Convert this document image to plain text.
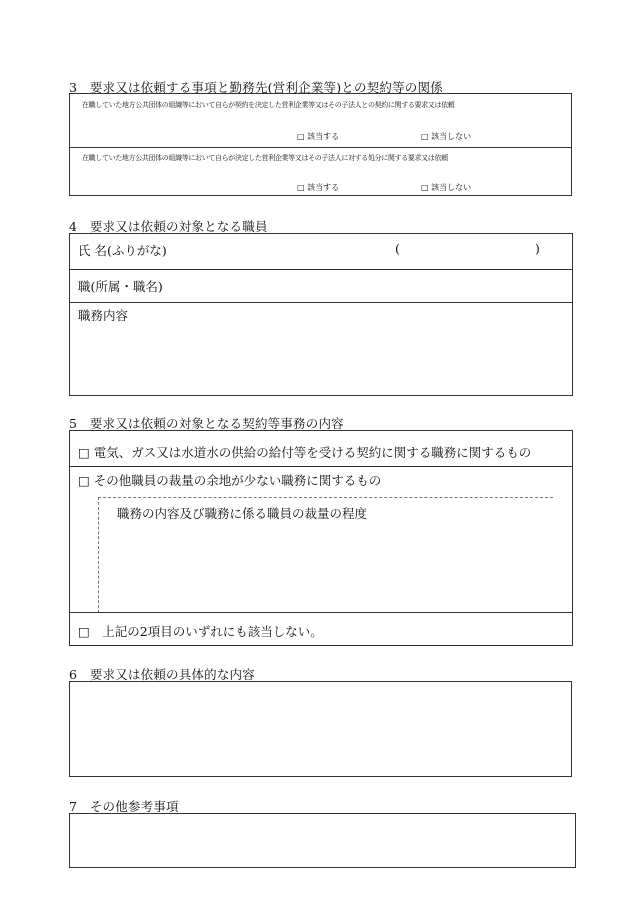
3　要求又は依頼する事項と勤務先(営利企業等)との契約等の関係
在職していた地方公共団体の組織等において自らが契約を決定した営利企業等又はその子法人との契約に関する要求又は依頼
□ 該当する	□ 該当しない
在職していた地方公共団体の組織等において自らが決定した営利企業等又はその子法人に対する処分に関する要求又は依頼
□ 該当する	□ 該当しない
4　要求又は依頼の対象となる職員
氏 名(ふりがな)	(	)
職(所属・職名)
職務内容
5　要求又は依頼の対象となる契約等事務の内容
□ 電気、ガス又は水道水の供給の給付等を受ける契約に関する職務に関するもの
□ その他職員の裁量の余地が少ない職務に関するもの
職務の内容及び職務に係る職員の裁量の程度
□　上記の2項目のいずれにも該当しない。
6　要求又は依頼の具体的な内容
7　その他参考事項
